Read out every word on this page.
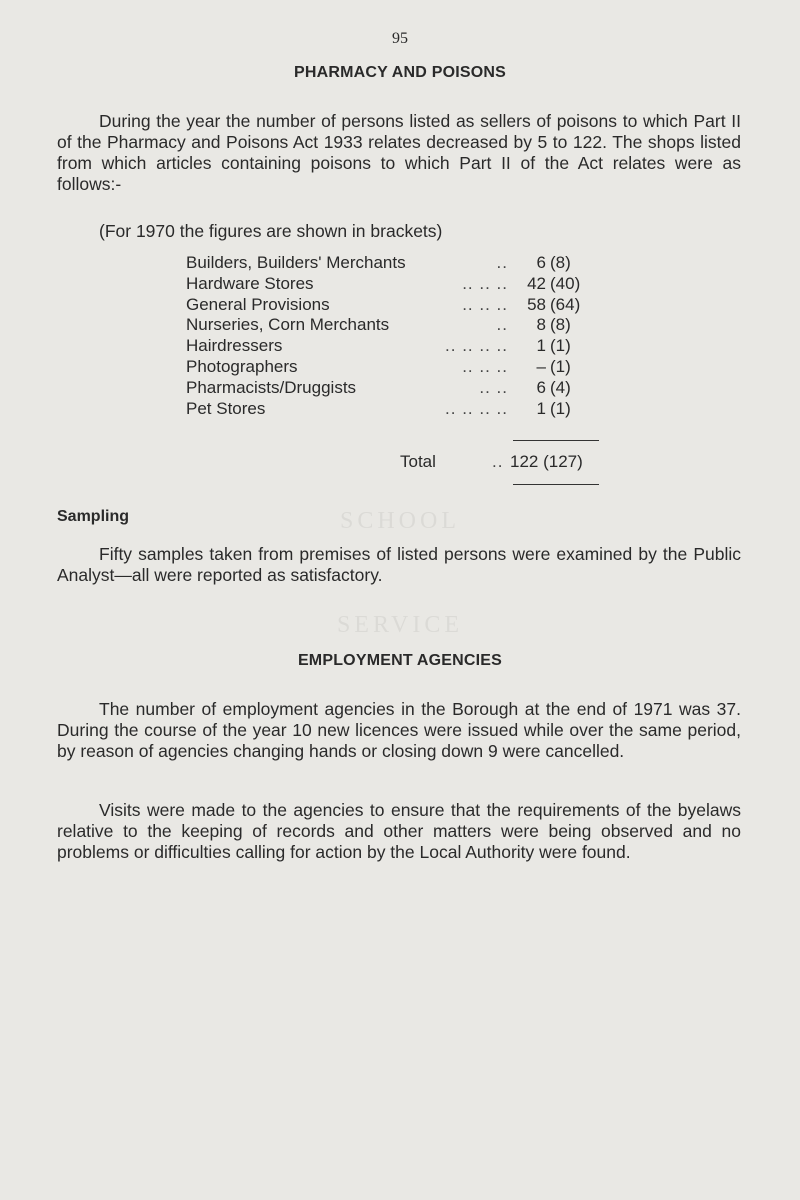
95
PHARMACY AND POISONS

During the year the number of persons listed as sellers of poisons to which Part II of the Pharmacy and Poisons Act 1933 relates decreased by 5 to 122. The shops listed from which articles containing poisons to which Part II of the Act relates were as follows:-

(For 1970 the figures are shown in brackets)
Builders, Builders' Merchants	..	6 (8)
Hardware Stores	.. .. ..	42 (40)
General Provisions	.. .. ..	58 (64)
Nurseries, Corn Merchants	..	8 (8)
Hairdressers	.. .. .. ..	1 (1)
Photographers	.. .. ..	– (1)
Pharmacists/Druggists	.. ..	6 (4)
Pet Stores	.. .. .. ..	1 (1)
Total	.. 122 (127)
SCHOOL
Sampling

Fifty samples taken from premises of listed persons were examined by the Public Analyst—all were reported as satisfactory.

SERVICE
EMPLOYMENT AGENCIES

The number of employment agencies in the Borough at the end of 1971 was 37. During the course of the year 10 new licences were issued while over the same period, by reason of agencies changing hands or closing down 9 were cancelled.

Visits were made to the agencies to ensure that the requirements of the byelaws relative to the keeping of records and other matters were being observed and no problems or difficulties calling for action by the Local Authority were found.
